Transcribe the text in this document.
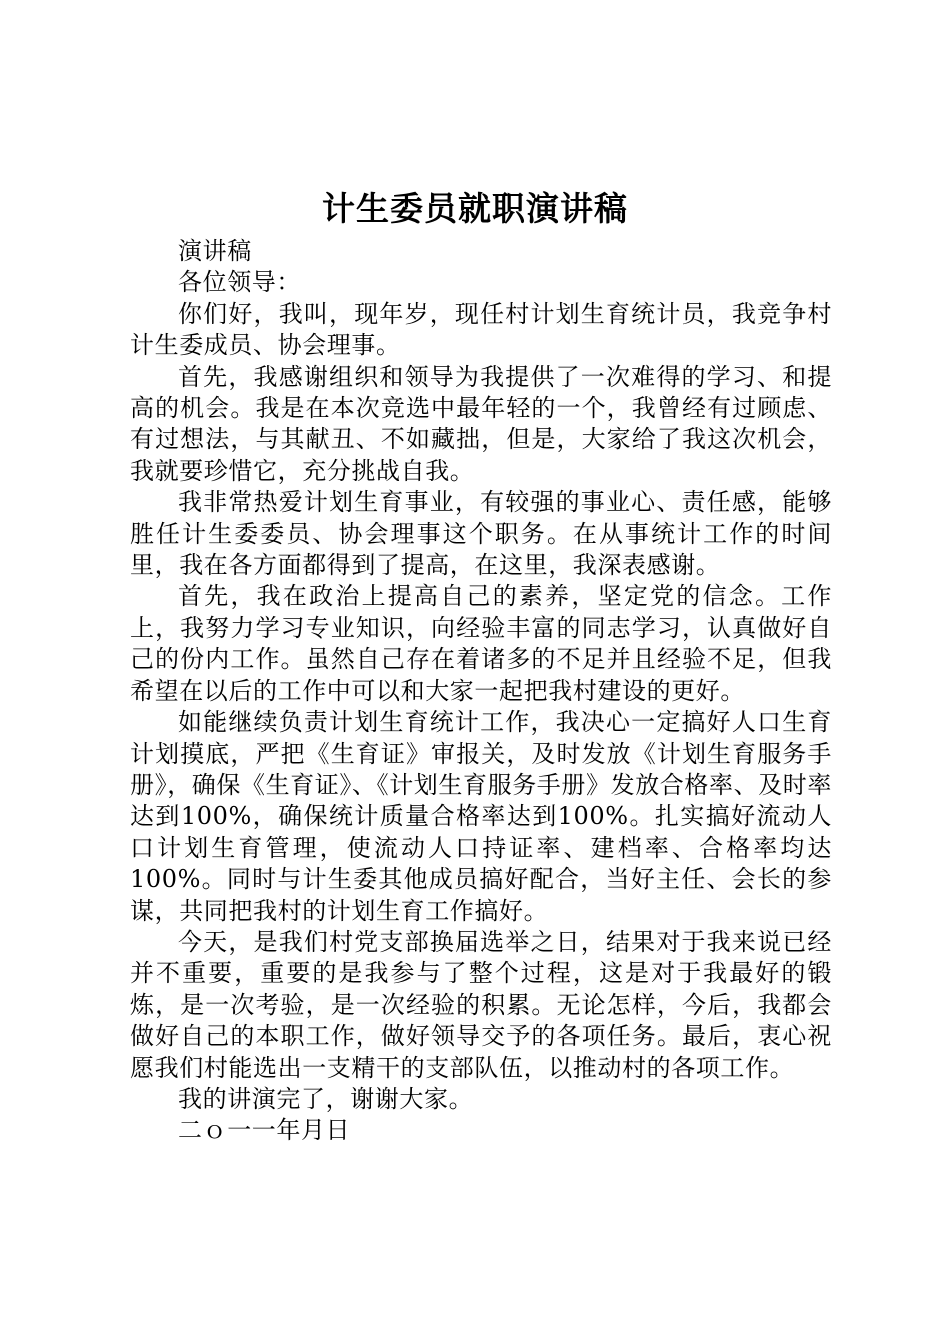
计生委员就职演讲稿

演讲稿

各位领导：

你们好，我叫，现年岁，现任村计划生育统计员，我竞争村计生委成员、协会理事。

首先，我感谢组织和领导为我提供了一次难得的学习、和提高的机会。我是在本次竞选中最年轻的一个，我曾经有过顾虑、有过想法，与其献丑、不如藏拙，但是，大家给了我这次机会，我就要珍惜它，充分挑战自我。

我非常热爱计划生育事业，有较强的事业心、责任感，能够胜任计生委委员、协会理事这个职务。在从事统计工作的时间里，我在各方面都得到了提高，在这里，我深表感谢。

首先，我在政治上提高自己的素养，坚定党的信念。工作上，我努力学习专业知识，向经验丰富的同志学习，认真做好自己的份内工作。虽然自己存在着诸多的不足并且经验不足，但我希望在以后的工作中可以和大家一起把我村建设的更好。

如能继续负责计划生育统计工作，我决心一定搞好人口生育计划摸底，严把《生育证》审报关，及时发放《计划生育服务手册》，确保《生育证》、《计划生育服务手册》发放合格率、及时率达到100%，确保统计质量合格率达到100%。扎实搞好流动人口计划生育管理，使流动人口持证率、建档率、合格率均达100%。同时与计生委其他成员搞好配合，当好主任、会长的参谋，共同把我村的计划生育工作搞好。

今天，是我们村党支部换届选举之日，结果对于我来说已经并不重要，重要的是我参与了整个过程，这是对于我最好的锻炼，是一次考验，是一次经验的积累。无论怎样，今后，我都会做好自己的本职工作，做好领导交予的各项任务。最后，衷心祝愿我们村能选出一支精干的支部队伍，以推动村的各项工作。

我的讲演完了，谢谢大家。

二ｏ一一年月日
